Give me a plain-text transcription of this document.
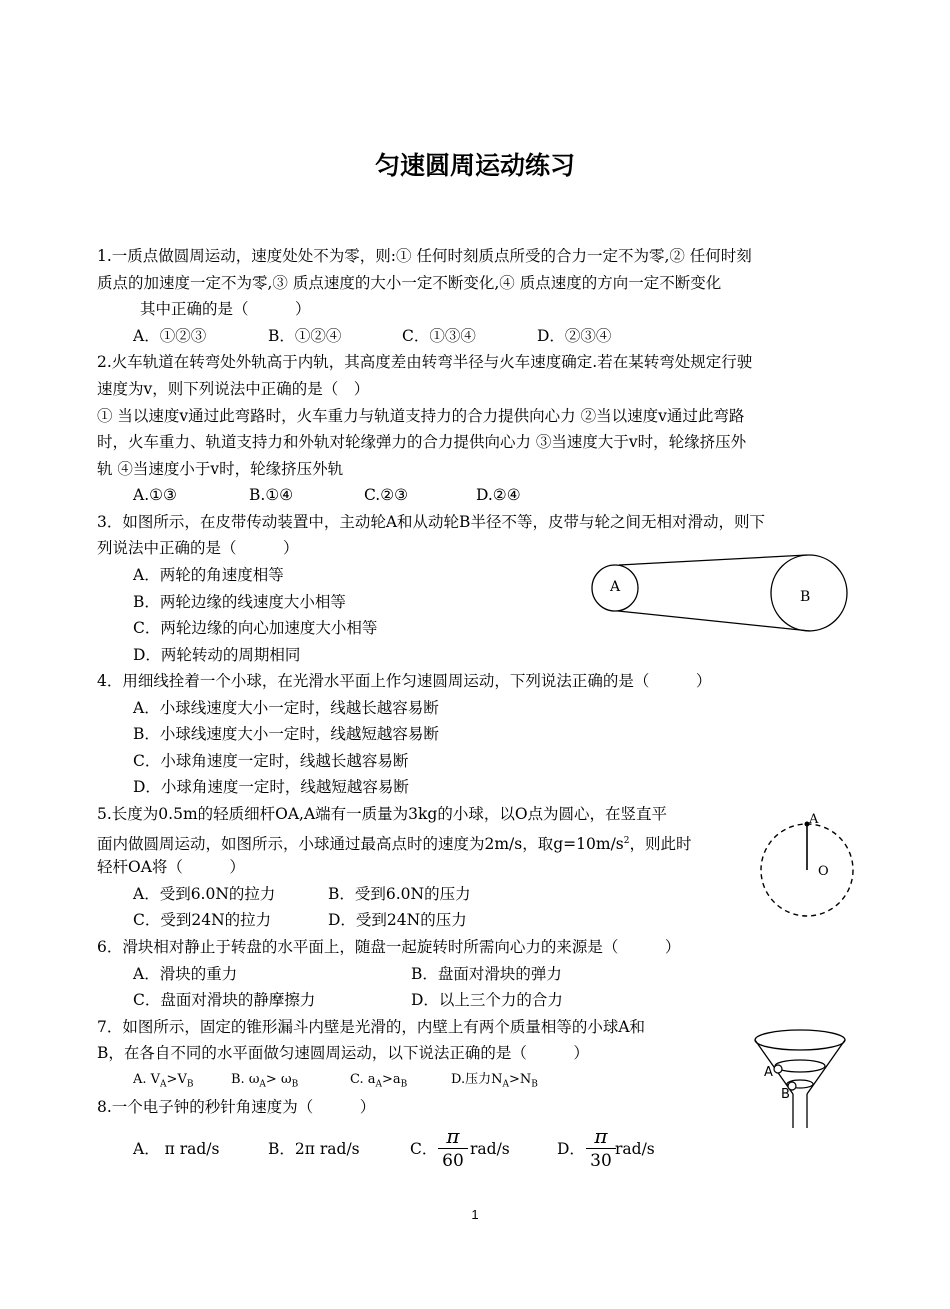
匀速圆周运动练习
1.一质点做圆周运动，速度处处不为零，则:① 任何时刻质点所受的合力一定不为零,② 任何时刻
质点的加速度一定不为零,③ 质点速度的大小一定不断变化,④ 质点速度的方向一定不断变化
其中正确的是（　　　）
A．①②③	B．①②④	C．①③④	D．②③④
2.火车轨道在转弯处外轨高于内轨，其高度差由转弯半径与火车速度确定.若在某转弯处规定行驶
速度为v，则下列说法中正确的是（　）
① 当以速度v通过此弯路时，火车重力与轨道支持力的合力提供向心力 ②当以速度v通过此弯路
时，火车重力、轨道支持力和外轨对轮缘弹力的合力提供向心力 ③当速度大于v时，轮缘挤压外
轨 ④当速度小于v时，轮缘挤压外轨
A.①③	B.①④	C.②③	D.②④
3．如图所示，在皮带传动装置中，主动轮A和从动轮B半径不等，皮带与轮之间无相对滑动，则下
列说法中正确的是（　　　）
A．两轮的角速度相等
B．两轮边缘的线速度大小相等
C．两轮边缘的向心加速度大小相等
D．两轮转动的周期相同
A
B
4．用细线拴着一个小球，在光滑水平面上作匀速圆周运动，下列说法正确的是（　　　）
A．小球线速度大小一定时，线越长越容易断
B．小球线速度大小一定时，线越短越容易断
C．小球角速度一定时，线越长越容易断
D．小球角速度一定时，线越短越容易断
5.长度为0.5m的轻质细杆OA,A端有一质量为3kg的小球，以O点为圆心，在竖直平
面内做圆周运动，如图所示，小球通过最高点时的速度为2m/s，取$g=10m/s^2$，则此时
轻杆OA将（　　　）
A．受到6.0N的拉力	B．受到6.0N的压力
C．受到24N的拉力	D．受到24N的压力
A
O
6．滑块相对静止于转盘的水平面上，随盘一起旋转时所需向心力的来源是（　　　）
A．滑块的重力	B．盘面对滑块的弹力
C．盘面对滑块的静摩擦力	D．以上三个力的合力
7．如图所示，固定的锥形漏斗内壁是光滑的，内壁上有两个质量相等的小球A和
B，在各自不同的水平面做匀速圆周运动，以下说法正确的是（　　　）
A. $V_A>V_B$	B. $\omega_A> \omega_B$	C. $a_A>a_B$	D.压力$N_A>N_B$
A
B
8.一个电子钟的秒针角速度为（　　　）
A． π rad/s	B．2π rad/s	C．
π
60
rad/s	D．
π
30
rad/s
1
